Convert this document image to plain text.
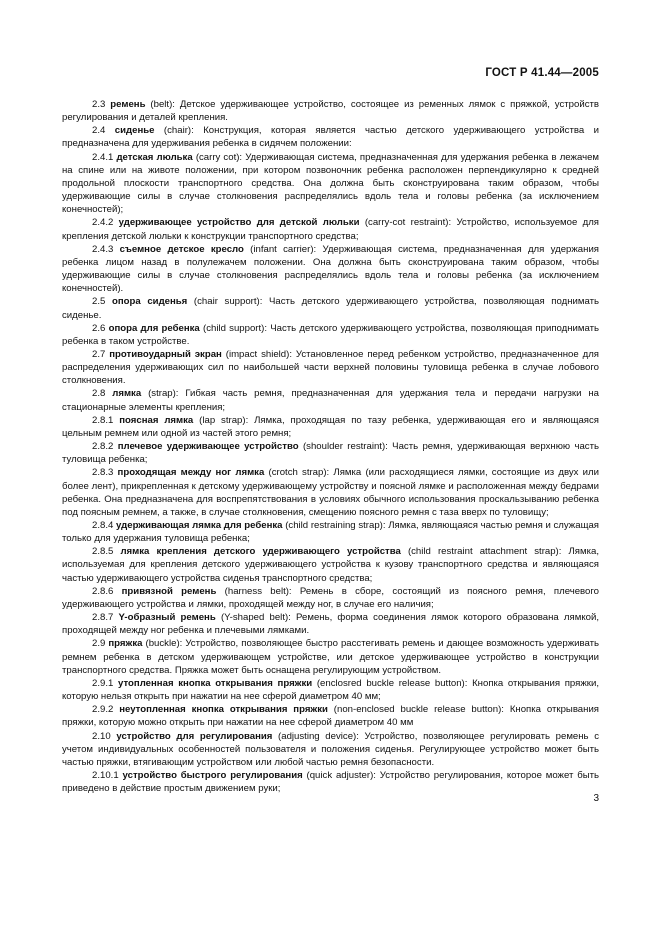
ГОСТ Р 41.44—2005

2.3 ремень (belt): Детское удерживающее устройство, состоящее из ременных лямок с пряжкой, устройств регулирования и деталей крепления.

2.4 сиденье (chair): Конструкция, которая является частью детского удерживающего устройства и предназначена для удерживания ребенка в сидячем положении:

2.4.1 детская люлька (carry cot): Удерживающая система, предназначенная для удержания ребенка в лежачем на спине или на животе положении, при котором позвоночник ребенка расположен перпендикулярно к средней продольной плоскости транспортного средства. Она должна быть сконструирована таким образом, чтобы удерживающие силы в случае столкновения распределялись вдоль тела и головы ребенка (за исключением конечностей);

2.4.2 удерживающее устройство для детской люльки (carry-cot restraint): Устройство, используемое для крепления детской люльки к конструкции транспортного средства;

2.4.3 съемное детское кресло (infant carrier): Удерживающая система, предназначенная для удержания ребенка лицом назад в полулежачем положении. Она должна быть сконструирована таким образом, чтобы удерживающие силы в случае столкновения распределялись вдоль тела и головы ребенка (за исключением конечностей).

2.5 опора сиденья (chair support): Часть детского удерживающего устройства, позволяющая поднимать сиденье.

2.6 опора для ребенка (child support): Часть детского удерживающего устройства, позволяющая приподнимать ребенка в таком устройстве.

2.7 противоударный экран (impact shield): Установленное перед ребенком устройство, предназначенное для распределения удерживающих сил по наибольшей части верхней половины туловища ребенка в случае лобового столкновения.

2.8 лямка (strap): Гибкая часть ремня, предназначенная для удержания тела и передачи нагрузки на стационарные элементы крепления;

2.8.1 поясная лямка (lap strap): Лямка, проходящая по тазу ребенка, удерживающая его и являющаяся цельным ремнем или одной из частей этого ремня;

2.8.2 плечевое удерживающее устройство (shoulder restraint): Часть ремня, удерживающая верхнюю часть туловища ребенка;

2.8.3 проходящая между ног лямка (crotch strap): Лямка (или расходящиеся лямки, состоящие из двух или более лент), прикрепленная к детскому удерживающему устройству и поясной лямке и расположенная между бедрами ребенка. Она предназначена для воспрепятствования в условиях обычного использования проскальзыванию ребенка под поясным ремнем, а также, в случае столкновения, смещению поясного ремня с таза вверх по туловищу;

2.8.4 удерживающая лямка для ребенка (child restraining strap): Лямка, являющаяся частью ремня и служащая только для удержания туловища ребенка;

2.8.5 лямка крепления детского удерживающего устройства (child restraint attachment strap): Лямка, используемая для крепления детского удерживающего устройства к кузову транспортного средства и являющаяся частью удерживающего устройства сиденья транспортного средства;

2.8.6 привязной ремень (harness belt): Ремень в сборе, состоящий из поясного ремня, плечевого удерживающего устройства и лямки, проходящей между ног, в случае его наличия;

2.8.7 Y-образный ремень (Y-shaped belt): Ремень, форма соединения лямок которого образована лямкой, проходящей между ног ребенка и плечевыми лямками.

2.9 пряжка (buckle): Устройство, позволяющее быстро расстегивать ремень и дающее возможность удерживать ремнем ребенка в детском удерживающем устройстве, или детское удерживающее устройство в конструкции транспортного средства. Пряжка может быть оснащена регулирующим устройством.

2.9.1 утопленная кнопка открывания пряжки (enclosred buckle release button): Кнопка открывания пряжки, которую нельзя открыть при нажатии на нее сферой диаметром 40 мм;

2.9.2 неутопленная кнопка открывания пряжки (non-enclosed buckle release button): Кнопка открывания пряжки, которую можно открыть при нажатии на нее сферой диаметром 40 мм

2.10 устройство для регулирования (adjusting device): Устройство, позволяющее регулировать ремень с учетом индивидуальных особенностей пользователя и положения сиденья. Регулирующее устройство может быть частью пряжки, втягивающим устройством или любой частью ремня безопасности.

2.10.1 устройство быстрого регулирования (quick adjuster): Устройство регулирования, которое может быть приведено в действие простым движением руки;

3
